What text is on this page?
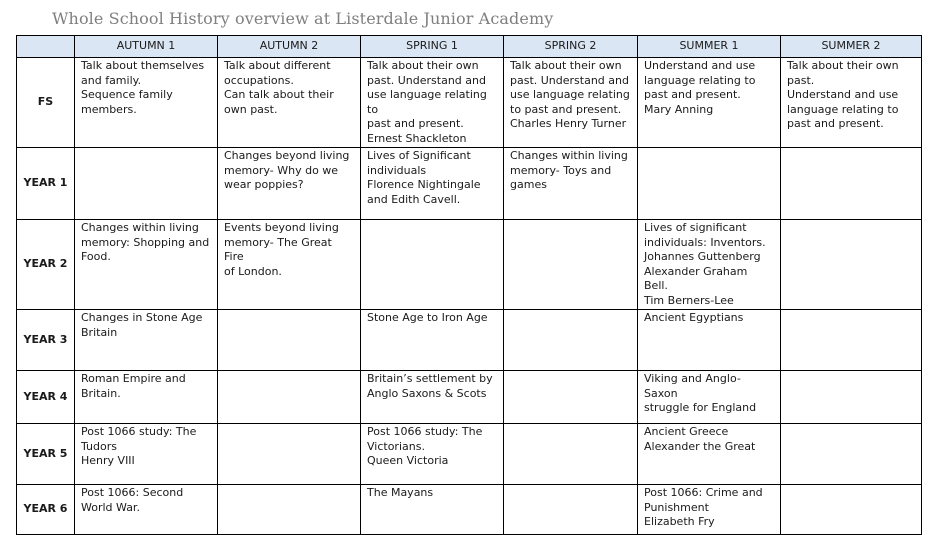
Whole School History overview at Listerdale Junior Academy
	AUTUMN 1	AUTUMN 2	SPRING 1	SPRING 2	SUMMER 1	SUMMER 2
FS	Talk about themselves
and family.
Sequence family
members.	Talk about different
occupations.
Can talk about their
own past.	Talk about their own
past. Understand and
use language relating to
past and present.
Ernest Shackleton	Talk about their own
past. Understand and
use language relating
to past and present.
Charles Henry Turner	Understand and use
language relating to
past and present.
Mary Anning	Talk about their own
past.
Understand and use
language relating to
past and present.

YEAR 1		Changes beyond living
memory- Why do we
wear poppies?	Lives of Significant
individuals
Florence Nightingale
and Edith Cavell.	Changes within living
memory- Toys and
games		

YEAR 2	Changes within living
memory: Shopping and
Food.	Events beyond living
memory- The Great Fire
of London.			Lives of significant
individuals: Inventors.
Johannes Guttenberg
Alexander Graham Bell.
Tim Berners-Lee	

YEAR 3	Changes in Stone Age
Britain		Stone Age to Iron Age		Ancient Egyptians	

YEAR 4	Roman Empire and
Britain.		Britain’s settlement by
Anglo Saxons & Scots		Viking and Anglo-Saxon
struggle for England	

YEAR 5	Post 1066 study: The
Tudors
Henry VIII		Post 1066 study: The
Victorians.
Queen Victoria		Ancient Greece
Alexander the Great	

YEAR 6	Post 1066: Second
World War.		The Mayans		Post 1066: Crime and
Punishment
Elizabeth Fry	
